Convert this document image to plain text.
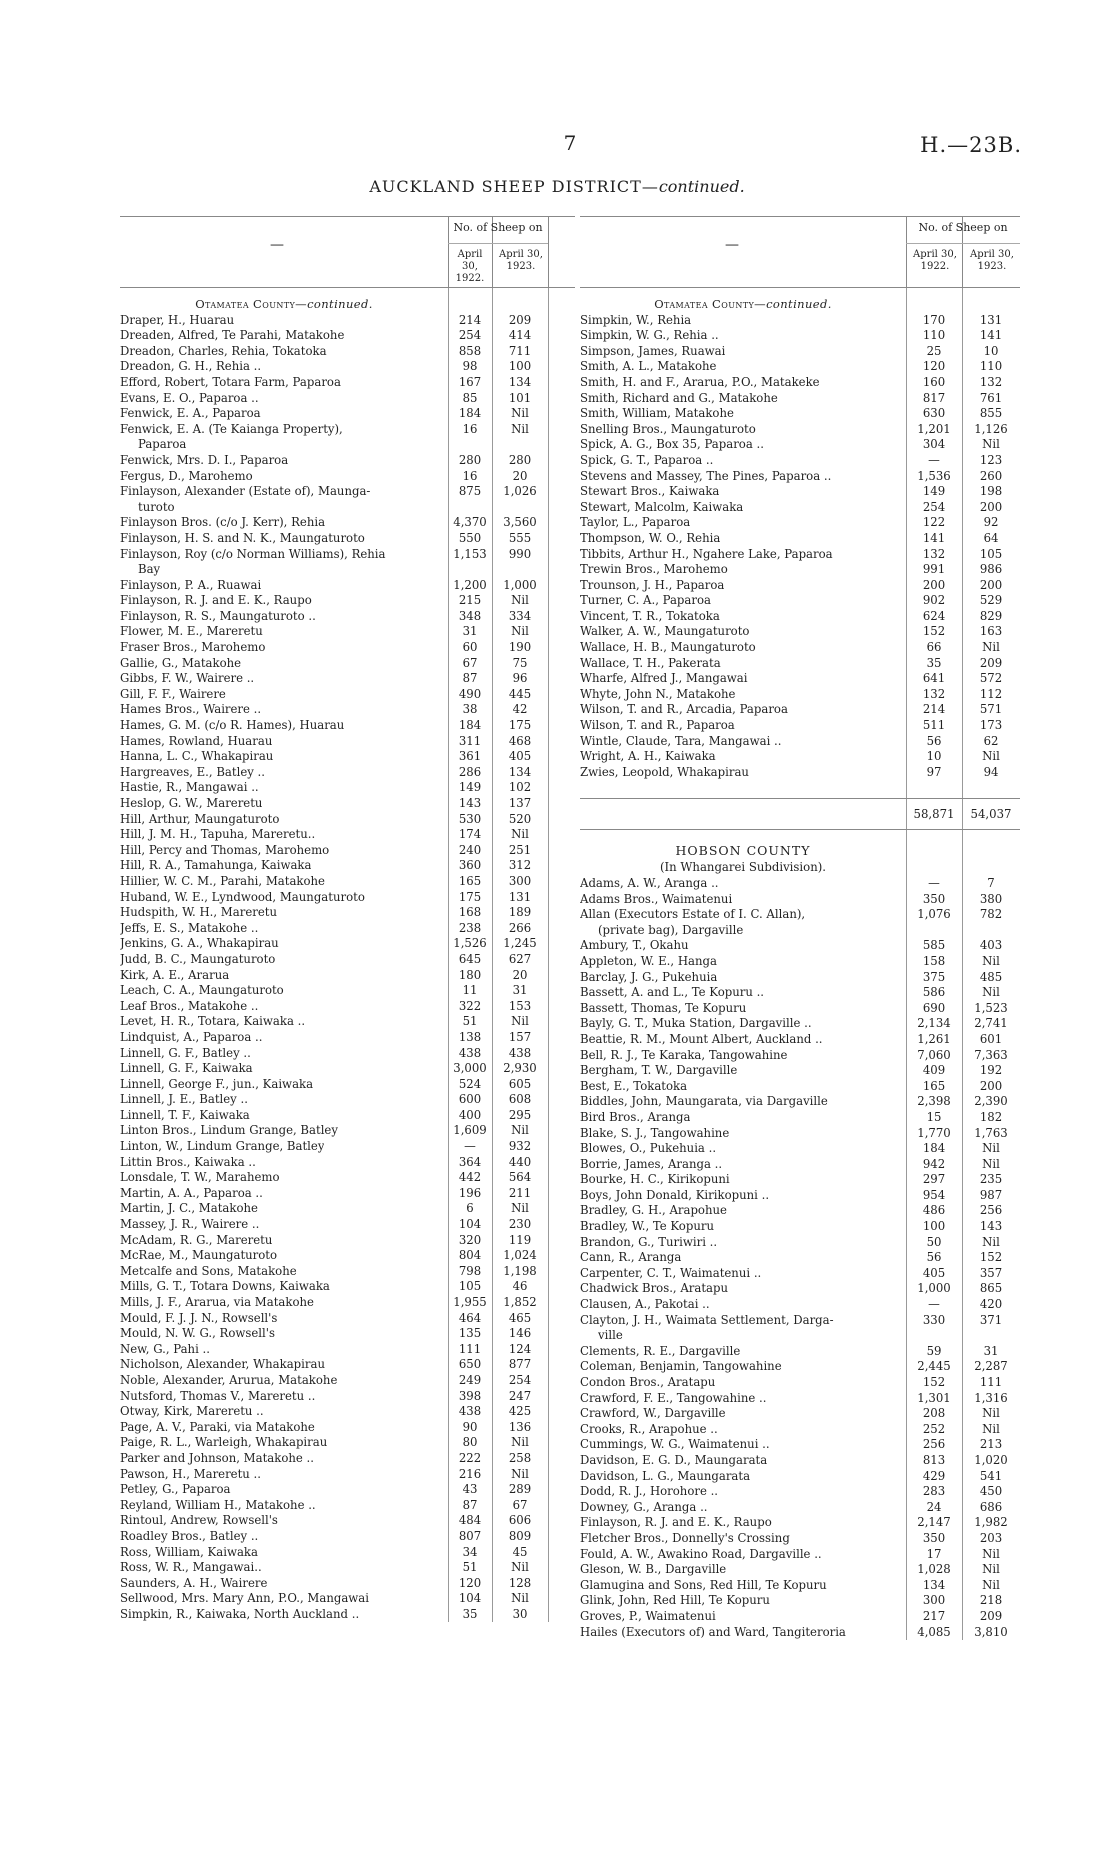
7	H.—23B.
AUCKLAND SHEEP DISTRICT—continued.
—
No. of Sheep on
April 30, 1922.
April 30, 1923.
Otamatea County—continued.
Draper, H., Huarau	214	209
Dreaden, Alfred, Te Parahi, Matakohe	254	414
Dreadon, Charles, Rehia, Tokatoka	858	711
Dreadon, G. H., Rehia ..	98	100
Efford, Robert, Totara Farm, Paparoa	167	134
Evans, E. O., Paparoa ..	85	101
Fenwick, E. A., Paparoa	184	Nil
Fenwick, E. A. (Te Kaianga Property),	16	Nil
Paparoa
Fenwick, Mrs. D. I., Paparoa	280	280
Fergus, D., Marohemo	16	20
Finlayson, Alexander (Estate of), Maunga-	875	1,026
turoto
Finlayson Bros. (c/o J. Kerr), Rehia	4,370	3,560
Finlayson, H. S. and N. K., Maungaturoto	550	555
Finlayson, Roy (c/o Norman Williams), Rehia	1,153	990
Bay
Finlayson, P. A., Ruawai	1,200	1,000
Finlayson, R. J. and E. K., Raupo	215	Nil
Finlayson, R. S., Maungaturoto ..	348	334
Flower, M. E., Mareretu	31	Nil
Fraser Bros., Marohemo	60	190
Gallie, G., Matakohe	67	75
Gibbs, F. W., Wairere ..	87	96
Gill, F. F., Wairere	490	445
Hames Bros., Wairere ..	38	42
Hames, G. M. (c/o R. Hames), Huarau	184	175
Hames, Rowland, Huarau	311	468
Hanna, L. C., Whakapirau	361	405
Hargreaves, E., Batley ..	286	134
Hastie, R., Mangawai ..	149	102
Heslop, G. W., Mareretu	143	137
Hill, Arthur, Maungaturoto	530	520
Hill, J. M. H., Tapuha, Mareretu..	174	Nil
Hill, Percy and Thomas, Marohemo	240	251
Hill, R. A., Tamahunga, Kaiwaka	360	312
Hillier, W. C. M., Parahi, Matakohe	165	300
Huband, W. E., Lyndwood, Maungaturoto	175	131
Hudspith, W. H., Mareretu	168	189
Jeffs, E. S., Matakohe ..	238	266
Jenkins, G. A., Whakapirau	1,526	1,245
Judd, B. C., Maungaturoto	645	627
Kirk, A. E., Ararua	180	20
Leach, C. A., Maungaturoto	11	31
Leaf Bros., Matakohe ..	322	153
Levet, H. R., Totara, Kaiwaka ..	51	Nil
Lindquist, A., Paparoa ..	138	157
Linnell, G. F., Batley ..	438	438
Linnell, G. F., Kaiwaka	3,000	2,930
Linnell, George F., jun., Kaiwaka	524	605
Linnell, J. E., Batley ..	600	608
Linnell, T. F., Kaiwaka	400	295
Linton Bros., Lindum Grange, Batley	1,609	Nil
Linton, W., Lindum Grange, Batley	—	932
Littin Bros., Kaiwaka ..	364	440
Lonsdale, T. W., Marahemo	442	564
Martin, A. A., Paparoa ..	196	211
Martin, J. C., Matakohe	6	Nil
Massey, J. R., Wairere ..	104	230
McAdam, R. G., Mareretu	320	119
McRae, M., Maungaturoto	804	1,024
Metcalfe and Sons, Matakohe	798	1,198
Mills, G. T., Totara Downs, Kaiwaka	105	46
Mills, J. F., Ararua, via Matakohe	1,955	1,852
Mould, F. J. J. N., Rowsell's	464	465
Mould, N. W. G., Rowsell's	135	146
New, G., Pahi ..	111	124
Nicholson, Alexander, Whakapirau	650	877
Noble, Alexander, Arurua, Matakohe	249	254
Nutsford, Thomas V., Mareretu ..	398	247
Otway, Kirk, Mareretu ..	438	425
Page, A. V., Paraki, via Matakohe	90	136
Paige, R. L., Warleigh, Whakapirau	80	Nil
Parker and Johnson, Matakohe ..	222	258
Pawson, H., Mareretu ..	216	Nil
Petley, G., Paparoa	43	289
Reyland, William H., Matakohe ..	87	67
Rintoul, Andrew, Rowsell's	484	606
Roadley Bros., Batley ..	807	809
Ross, William, Kaiwaka	34	45
Ross, W. R., Mangawai..	51	Nil
Saunders, A. H., Wairere	120	128
Sellwood, Mrs. Mary Ann, P.O., Mangawai	104	Nil
Simpkin, R., Kaiwaka, North Auckland ..	35	30
—
No. of Sheep on
April 30, 1922.
April 30, 1923.
Otamatea County—continued.
Simpkin, W., Rehia	170	131
Simpkin, W. G., Rehia ..	110	141
Simpson, James, Ruawai	25	10
Smith, A. L., Matakohe	120	110
Smith, H. and F., Ararua, P.O., Matakeke	160	132
Smith, Richard and G., Matakohe	817	761
Smith, William, Matakohe	630	855
Snelling Bros., Maungaturoto	1,201	1,126
Spick, A. G., Box 35, Paparoa ..	304	Nil
Spick, G. T., Paparoa ..	—	123
Stevens and Massey, The Pines, Paparoa ..	1,536	260
Stewart Bros., Kaiwaka	149	198
Stewart, Malcolm, Kaiwaka	254	200
Taylor, L., Paparoa	122	92
Thompson, W. O., Rehia	141	64
Tibbits, Arthur H., Ngahere Lake, Paparoa	132	105
Trewin Bros., Marohemo	991	986
Trounson, J. H., Paparoa	200	200
Turner, C. A., Paparoa	902	529
Vincent, T. R., Tokatoka	624	829
Walker, A. W., Maungaturoto	152	163
Wallace, H. B., Maungaturoto	66	Nil
Wallace, T. H., Pakerata	35	209
Wharfe, Alfred J., Mangawai	641	572
Whyte, John N., Matakohe	132	112
Wilson, T. and R., Arcadia, Paparoa	214	571
Wilson, T. and R., Paparoa	511	173
Wintle, Claude, Tara, Mangawai ..	56	62
Wright, A. H., Kaiwaka	10	Nil
Zwies, Leopold, Whakapirau	97	94
58,871	54,037
HOBSON COUNTY
(In Whangarei Subdivision).
Adams, A. W., Aranga ..	—	7
Adams Bros., Waimatenui	350	380
Allan (Executors Estate of I. C. Allan),	1,076	782
(private bag), Dargaville
Ambury, T., Okahu	585	403
Appleton, W. E., Hanga	158	Nil
Barclay, J. G., Pukehuia	375	485
Bassett, A. and L., Te Kopuru ..	586	Nil
Bassett, Thomas, Te Kopuru	690	1,523
Bayly, G. T., Muka Station, Dargaville ..	2,134	2,741
Beattie, R. M., Mount Albert, Auckland ..	1,261	601
Bell, R. J., Te Karaka, Tangowahine	7,060	7,363
Bergham, T. W., Dargaville	409	192
Best, E., Tokatoka	165	200
Biddles, John, Maungarata, via Dargaville	2,398	2,390
Bird Bros., Aranga	15	182
Blake, S. J., Tangowahine	1,770	1,763
Blowes, O., Pukehuia ..	184	Nil
Borrie, James, Aranga ..	942	Nil
Bourke, H. C., Kirikopuni	297	235
Boys, John Donald, Kirikopuni ..	954	987
Bradley, G. H., Arapohue	486	256
Bradley, W., Te Kopuru	100	143
Brandon, G., Turiwiri ..	50	Nil
Cann, R., Aranga	56	152
Carpenter, C. T., Waimatenui ..	405	357
Chadwick Bros., Aratapu	1,000	865
Clausen, A., Pakotai ..	—	420
Clayton, J. H., Waimata Settlement, Darga-	330	371
ville
Clements, R. E., Dargaville	59	31
Coleman, Benjamin, Tangowahine	2,445	2,287
Condon Bros., Aratapu	152	111
Crawford, F. E., Tangowahine ..	1,301	1,316
Crawford, W., Dargaville	208	Nil
Crooks, R., Arapohue ..	252	Nil
Cummings, W. G., Waimatenui ..	256	213
Davidson, E. G. D., Maungarata	813	1,020
Davidson, L. G., Maungarata	429	541
Dodd, R. J., Horohore ..	283	450
Downey, G., Aranga ..	24	686
Finlayson, R. J. and E. K., Raupo	2,147	1,982
Fletcher Bros., Donnelly's Crossing	350	203
Fould, A. W., Awakino Road, Dargaville ..	17	Nil
Gleson, W. B., Dargaville	1,028	Nil
Glamugina and Sons, Red Hill, Te Kopuru	134	Nil
Glink, John, Red Hill, Te Kopuru	300	218
Groves, P., Waimatenui	217	209
Hailes (Executors of) and Ward, Tangiteroria	4,085	3,810
